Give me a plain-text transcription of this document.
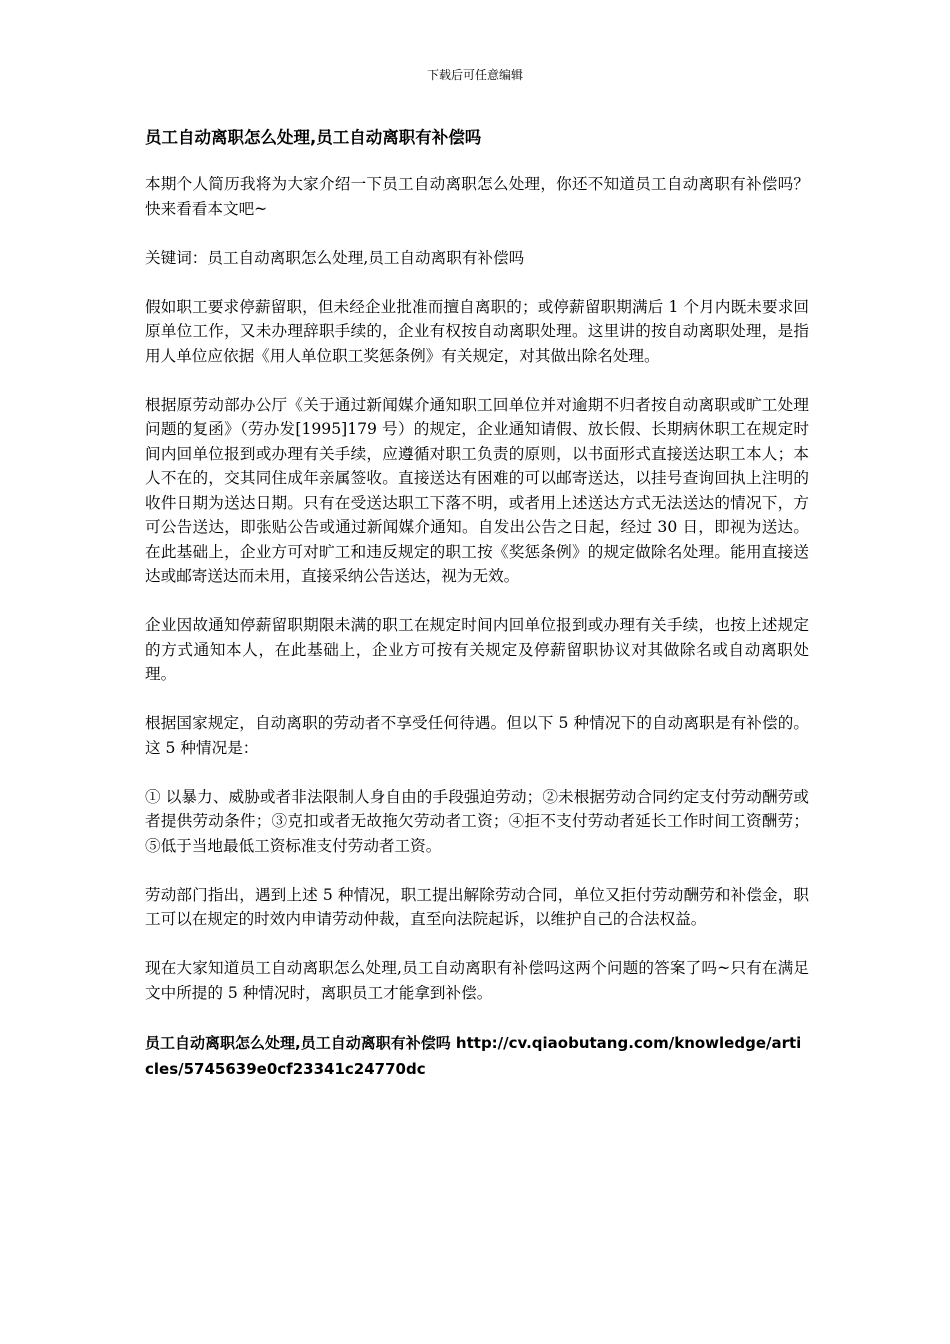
下载后可任意编辑
员工自动离职怎么处理,员工自动离职有补偿吗

本期个人简历我将为大家介绍一下员工自动离职怎么处理，你还不知道员工自动离职有补偿吗？快来看看本文吧~

关键词：员工自动离职怎么处理,员工自动离职有补偿吗

假如职工要求停薪留职，但未经企业批准而擅自离职的；或停薪留职期满后 1 个月内既未要求回原单位工作，又未办理辞职手续的，企业有权按自动离职处理。这里讲的按自动离职处理，是指用人单位应依据《用人单位职工奖惩条例》有关规定，对其做出除名处理。

根据原劳动部办公厅《关于通过新闻媒介通知职工回单位并对逾期不归者按自动离职或旷工处理问题的复函》（劳办发[1995]179 号）的规定，企业通知请假、放长假、长期病休职工在规定时间内回单位报到或办理有关手续，应遵循对职工负责的原则，以书面形式直接送达职工本人；本人不在的，交其同住成年亲属签收。直接送达有困难的可以邮寄送达，以挂号查询回执上注明的收件日期为送达日期。只有在受送达职工下落不明，或者用上述送达方式无法送达的情况下，方可公告送达，即张贴公告或通过新闻媒介通知。自发出公告之日起，经过 30 日，即视为送达。在此基础上，企业方可对旷工和违反规定的职工按《奖惩条例》的规定做除名处理。能用直接送达或邮寄送达而未用，直接采纳公告送达，视为无效。

企业因故通知停薪留职期限未满的职工在规定时间内回单位报到或办理有关手续，也按上述规定的方式通知本人，在此基础上，企业方可按有关规定及停薪留职协议对其做除名或自动离职处理。

根据国家规定，自动离职的劳动者不享受任何待遇。但以下 5 种情况下的自动离职是有补偿的。这 5 种情况是：

① 以暴力、威胁或者非法限制人身自由的手段强迫劳动；②未根据劳动合同约定支付劳动酬劳或者提供劳动条件；③克扣或者无故拖欠劳动者工资；④拒不支付劳动者延长工作时间工资酬劳；⑤低于当地最低工资标准支付劳动者工资。

劳动部门指出，遇到上述 5 种情况，职工提出解除劳动合同，单位又拒付劳动酬劳和补偿金，职工可以在规定的时效内申请劳动仲裁，直至向法院起诉，以维护自己的合法权益。

现在大家知道员工自动离职怎么处理,员工自动离职有补偿吗这两个问题的答案了吗~只有在满足文中所提的 5 种情况时，离职员工才能拿到补偿。

员工自动离职怎么处理,员工自动离职有补偿吗 http://cv.qiaobutang.com/knowledge/articles/5745639e0cf23341c24770dc
